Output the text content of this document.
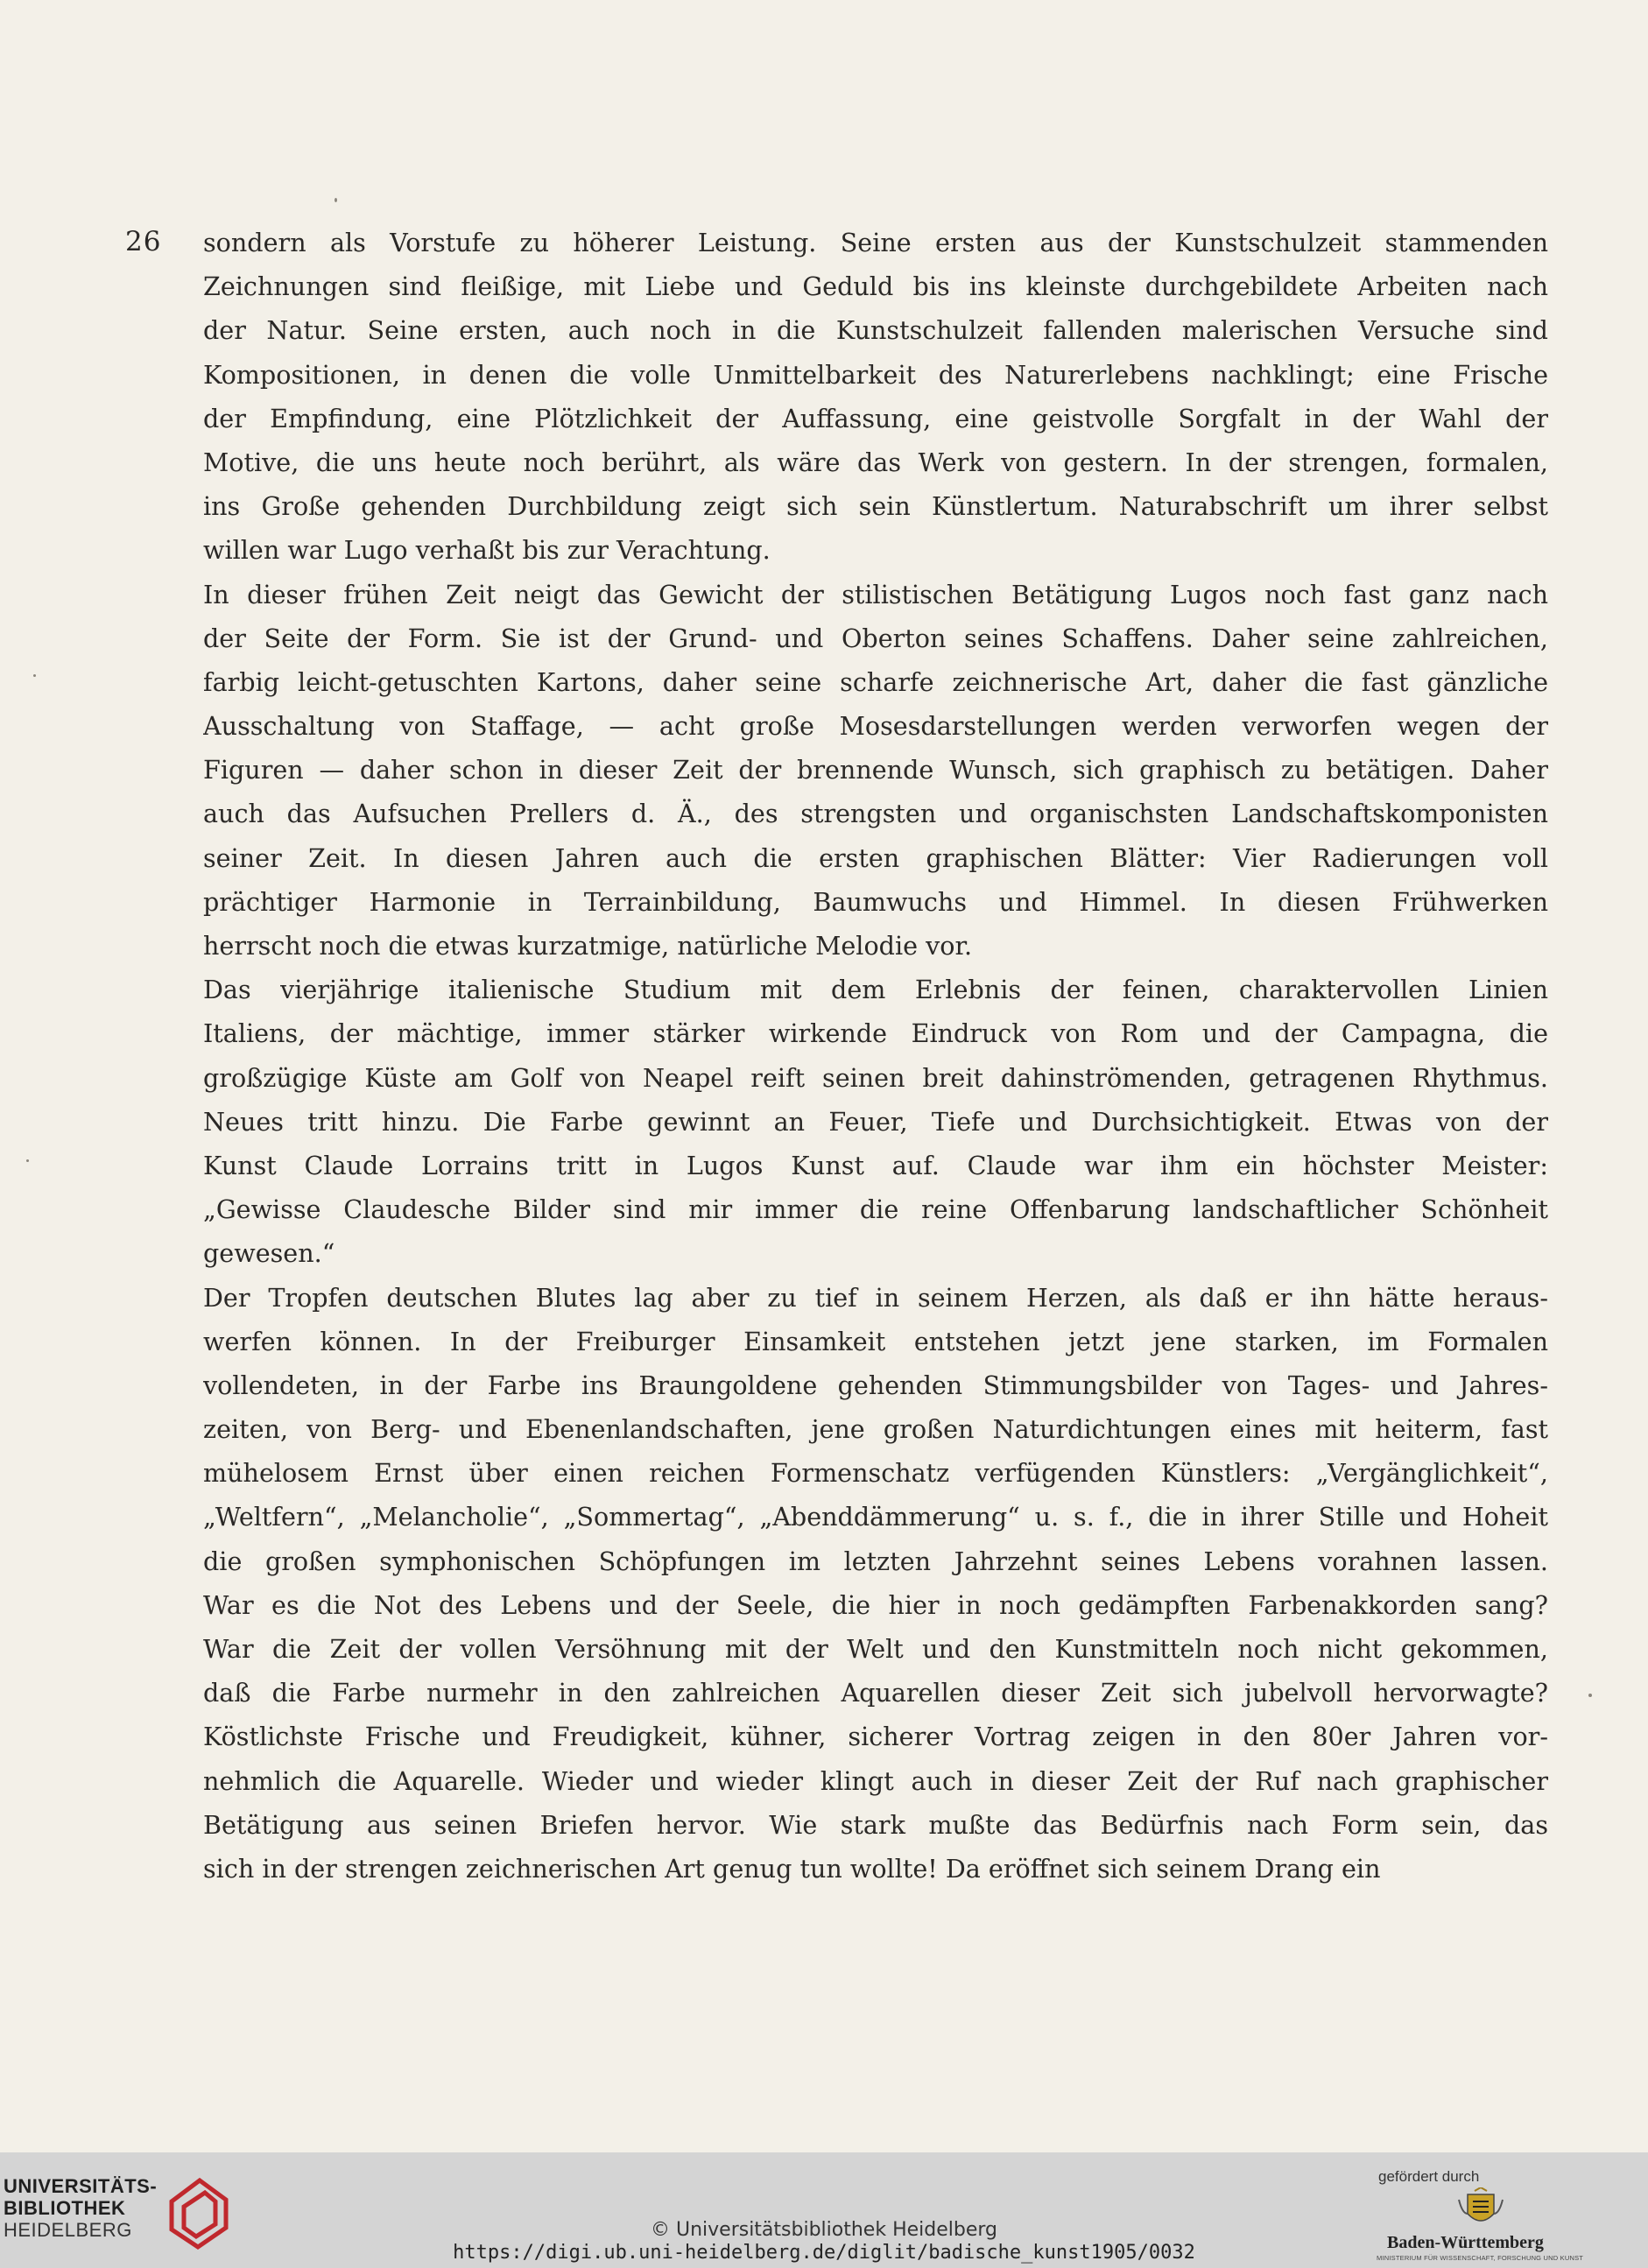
26 sondern als Vorstufe zu höherer Leistung. Seine ersten aus der Kunstschulzeit stammenden
Zeichnungen sind fleißige, mit Liebe und Geduld bis ins kleinste durchgebildete Arbeiten nach
der Natur. Seine ersten, auch noch in die Kunstschulzeit fallenden malerischen Versuche sind
Kompositionen, in denen die volle Unmittelbarkeit des Naturerlebens nachklingt; eine Frische
der Empfindung, eine Plötzlichkeit der Auffassung, eine geistvolle Sorgfalt in der Wahl der
Motive, die uns heute noch berührt, als wäre das Werk von gestern. In der strengen, formalen,
ins Große gehenden Durchbildung zeigt sich sein Künstlertum. Naturabschrift um ihrer selbst
willen war Lugo verhaßt bis zur Verachtung.
In dieser frühen Zeit neigt das Gewicht der stilistischen Betätigung Lugos noch fast ganz nach
der Seite der Form. Sie ist der Grund- und Oberton seines Schaffens. Daher seine zahlreichen,
farbig leicht-getuschten Kartons, daher seine scharfe zeichnerische Art, daher die fast gänzliche
Ausschaltung von Staffage, — acht große Mosesdarstellungen werden verworfen wegen der
Figuren — daher schon in dieser Zeit der brennende Wunsch, sich graphisch zu betätigen. Daher
auch das Aufsuchen Prellers d. Ä., des strengsten und organischsten Landschaftskomponisten
seiner Zeit. In diesen Jahren auch die ersten graphischen Blätter: Vier Radierungen voll
prächtiger Harmonie in Terrainbildung, Baumwuchs und Himmel. In diesen Frühwerken
herrscht noch die etwas kurzatmige, natürliche Melodie vor.
Das vierjährige italienische Studium mit dem Erlebnis der feinen, charaktervollen Linien
Italiens, der mächtige, immer stärker wirkende Eindruck von Rom und der Campagna, die
großzügige Küste am Golf von Neapel reift seinen breit dahinströmenden, getragenen Rhythmus.
Neues tritt hinzu. Die Farbe gewinnt an Feuer, Tiefe und Durchsichtigkeit. Etwas von der
Kunst Claude Lorrains tritt in Lugos Kunst auf. Claude war ihm ein höchster Meister:
„Gewisse Claudesche Bilder sind mir immer die reine Offenbarung landschaftlicher Schönheit
gewesen.“
Der Tropfen deutschen Blutes lag aber zu tief in seinem Herzen, als daß er ihn hätte heraus-
werfen können. In der Freiburger Einsamkeit entstehen jetzt jene starken, im Formalen
vollendeten, in der Farbe ins Braungoldene gehenden Stimmungsbilder von Tages- und Jahres-
zeiten, von Berg- und Ebenenlandschaften, jene großen Naturdichtungen eines mit heiterm, fast
mühelosem Ernst über einen reichen Formenschatz verfügenden Künstlers: „Vergänglichkeit“,
„Weltfern“, „Melancholie“, „Sommertag“, „Abenddämmerung“ u. s. f., die in ihrer Stille und Hoheit
die großen symphonischen Schöpfungen im letzten Jahrzehnt seines Lebens vorahnen lassen.
War es die Not des Lebens und der Seele, die hier in noch gedämpften Farbenakkorden sang?
War die Zeit der vollen Versöhnung mit der Welt und den Kunstmitteln noch nicht gekommen,
daß die Farbe nurmehr in den zahlreichen Aquarellen dieser Zeit sich jubelvoll hervorwagte?
Köstlichste Frische und Freudigkeit, kühner, sicherer Vortrag zeigen in den 80er Jahren vor-
nehmlich die Aquarelle. Wieder und wieder klingt auch in dieser Zeit der Ruf nach graphischer
Betätigung aus seinen Briefen hervor. Wie stark mußte das Bedürfnis nach Form sein, das
sich in der strengen zeichnerischen Art genug tun wollte! Da eröffnet sich seinem Drang ein
UNIVERSITÄTS-
BIBLIOTHEK
HEIDELBERG	© Universitätsbibliothek Heidelberg
https://digi.ub.uni-heidelberg.de/diglit/badische_kunst1905/0032
gefördert durch
Baden-Württemberg
MINISTERIUM FÜR WISSENSCHAFT, FORSCHUNG UND KUNST
